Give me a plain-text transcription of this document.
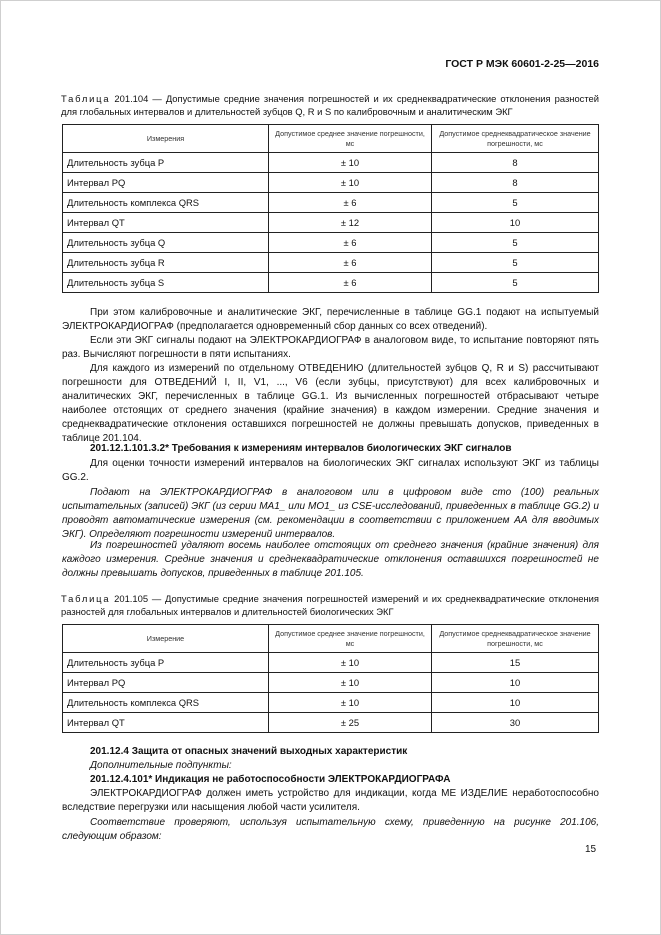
ГОСТ Р МЭК 60601-2-25—2016
Таблица 201.104 — Допустимые средние значения погрешностей и их среднеквадратические отклонения разностей для глобальных интервалов и длительностей зубцов Q, R и S по калибровочным и аналитическим ЭКГ
Измерения	Допустимое среднее значение погрешности, мс	Допустимое среднеквадратическое значение погрешности, мс
Длительность зубца P	± 10	8
Интервал PQ	± 10	8
Длительность комплекса QRS	± 6	5
Интервал QT	± 12	10
Длительность зубца Q	± 6	5
Длительность зубца R	± 6	5
Длительность зубца S	± 6	5

При этом калибровочные и аналитические ЭКГ, перечисленные в таблице GG.1 подают на испытуемый ЭЛЕКТРОКАРДИОГРАФ (предполагается одновременный сбор данных со всех отведений).

Если эти ЭКГ сигналы подают на ЭЛЕКТРОКАРДИОГРАФ в аналоговом виде, то испытание повторяют пять раз. Вычисляют погрешности в пяти испытаниях.

Для каждого из измерений по отдельному ОТВЕДЕНИЮ (длительностей зубцов Q, R и S) рассчитывают погрешности для ОТВЕДЕНИЙ I, II, V1, ..., V6 (если зубцы, присутствуют) для всех калибровочных и аналитических ЭКГ, перечисленных в таблице GG.1. Из вычисленных погрешностей отбрасывают четыре наиболее отстоящих от среднего значения (крайние значения) в каждом измерении. Средние значения и среднеквадратические отклонения оставшихся погрешностей не должны превышать допусков, приведенных в таблице 201.104.

201.12.1.101.3.2* Требования к измерениям интервалов биологических ЭКГ сигналов

Для оценки точности измерений интервалов на биологических ЭКГ сигналах используют ЭКГ из таблицы GG.2.

Подают на ЭЛЕКТРОКАРДИОГРАФ в аналоговом или в цифровом виде сто (100) реальных испытательных (записей) ЭКГ (из серии MA1_ или MO1_ из CSE-исследований, приведенных в таблице GG.2) и проводят автоматические измерения (см. рекомендации в соответствии с приложением AA для вводимых ЭКГ). Определяют погрешности измерений интервалов.

Из погрешностей удаляют восемь наиболее отстоящих от среднего значения (крайние значения) для каждого измерения. Средние значения и среднеквадратические отклонения оставшихся погрешностей не должны превышать допусков, приведенных в таблице 201.105.

Таблица 201.105 — Допустимые средние значения погрешностей измерений и их среднеквадратические отклонения разностей для глобальных интервалов и длительностей биологических ЭКГ
Измерение	Допустимое среднее значение погрешности, мс	Допустимое среднеквадратическое значение погрешности, мс
Длительность зубца P	± 10	15
Интервал PQ	± 10	10
Длительность комплекса QRS	± 10	10
Интервал QT	± 25	30

201.12.4 Защита от опасных значений выходных характеристик

Дополнительные подпункты:

201.12.4.101* Индикация не работоспособности ЭЛЕКТРОКАРДИОГРАФА

ЭЛЕКТРОКАРДИОГРАФ должен иметь устройство для индикации, когда МЕ ИЗДЕЛИЕ неработоспособно вследствие перегрузки или насыщения любой части усилителя.

Соответствие проверяют, используя испытательную схему, приведенную на рисунке 201.106, следующим образом:

15
